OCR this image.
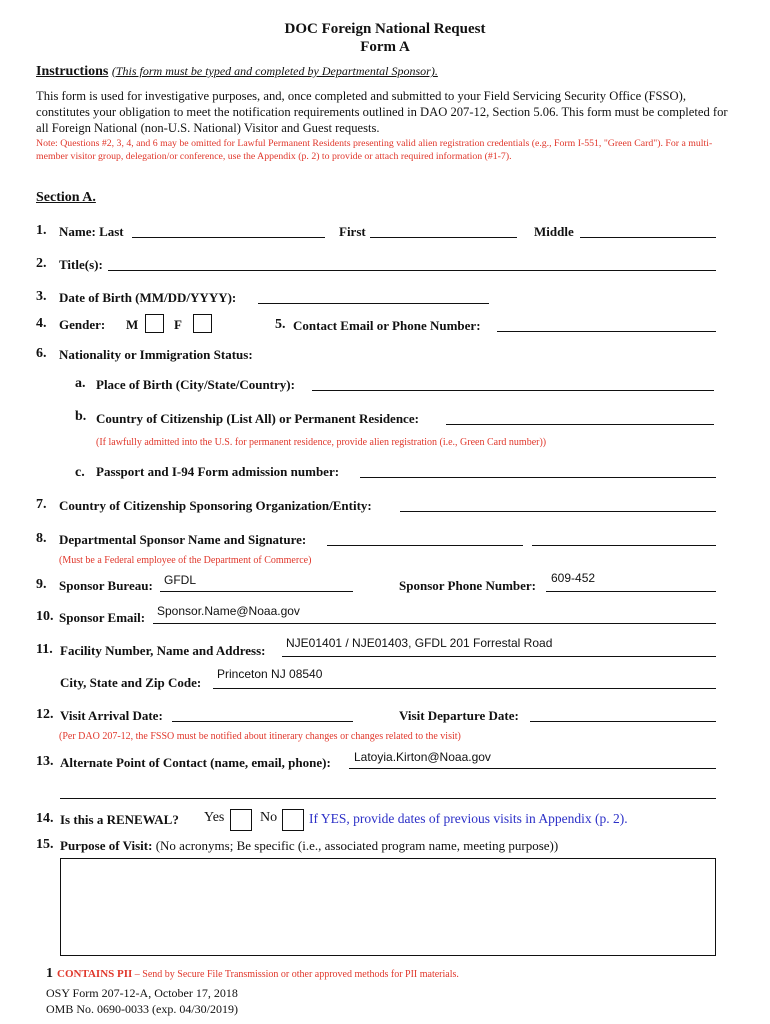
DOC Foreign National Request
Form A
Instructions (This form must be typed and completed by Departmental Sponsor).
This form is used for investigative purposes, and, once completed and submitted to your Field Servicing Security Office (FSSO), constitutes your obligation to meet the notification requirements outlined in DAO 207-12, Section 5.06. This form must be completed for all Foreign National (non-U.S. National) Visitor and Guest requests.
Note: Questions #2, 3, 4, and 6 may be omitted for Lawful Permanent Residents presenting valid alien registration credentials (e.g., Form I-551, "Green Card"). For a multi-member visitor group, delegation/or conference, use the Appendix (p. 2) to provide or attach required information (#1-7).
Section A.
1. Name: Last	First	Middle
2. Title(s):
3. Date of Birth (MM/DD/YYYY):
4. Gender: M	F	5. Contact Email or Phone Number:
6. Nationality or Immigration Status:
a. Place of Birth (City/State/Country):
b. Country of Citizenship (List All) or Permanent Residence:
(If lawfully admitted into the U.S. for permanent residence, provide alien registration (i.e., Green Card number))
c. Passport and I-94 Form admission number:
7. Country of Citizenship Sponsoring Organization/Entity:
8. Departmental Sponsor Name and Signature:
(Must be a Federal employee of the Department of Commerce)
9. Sponsor Bureau: GFDL	Sponsor Phone Number: 609-452
10. Sponsor Email: Sponsor.Name@Noaa.gov
11. Facility Number, Name and Address: NJE01401 / NJE01403, GFDL 201 Forrestal Road
City, State and Zip Code:
Princeton NJ 08540
12. Visit Arrival Date:	Visit Departure Date:
(Per DAO 207-12, the FSSO must be notified about itinerary changes or changes related to the visit)
13. Alternate Point of Contact (name, email, phone): Latoyia.Kirton@Noaa.gov
14. Is this a RENEWAL? Yes	No If YES, provide dates of previous visits in Appendix (p. 2).
15. Purpose of Visit: (No acronyms; Be specific (i.e., associated program name, meeting purpose))
1 CONTAINS PII – Send by Secure File Transmission or other approved methods for PII materials.
OSY Form 207-12-A, October 17, 2018
OMB No. 0690-0033 (exp. 04/30/2019)
